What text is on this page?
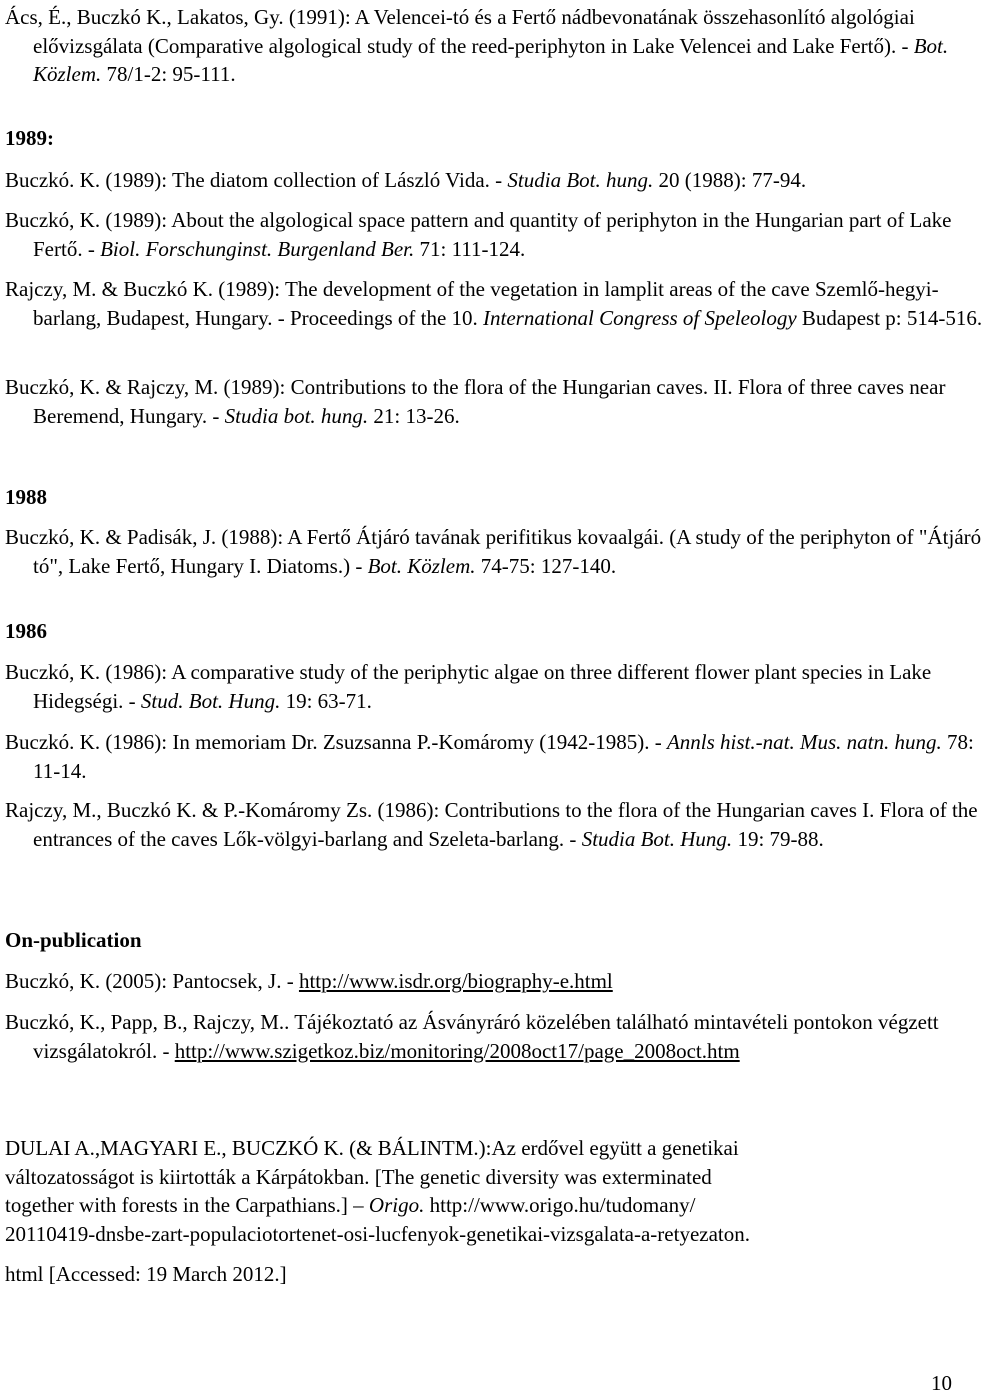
Ács, É., Buczkó K., Lakatos, Gy. (1991): A Velencei-tó és a Fertő nádbevonatának összehasonlító algológiai elővizsgálata (Comparative algological study of the reed-periphyton in Lake Velencei and Lake Fertő). - Bot. Közlem. 78/1-2: 95-111.
1989:
Buczkó. K. (1989): The diatom collection of László Vida. - Studia Bot. hung. 20 (1988): 77-94.
Buczkó, K. (1989): About the algological space pattern and quantity of periphyton in the Hungarian part of Lake Fertő. - Biol. Forschunginst. Burgenland Ber. 71: 111-124.
Rajczy, M. & Buczkó K. (1989): The development of the vegetation in lamplit areas of the cave Szemlő-hegyi-barlang, Budapest, Hungary. - Proceedings of the 10. International Congress of Speleology Budapest p: 514-516.
Buczkó, K. & Rajczy, M. (1989): Contributions to the flora of the Hungarian caves. II. Flora of three caves near Beremend, Hungary. - Studia bot. hung. 21: 13-26.
1988
Buczkó, K. & Padisák, J. (1988): A Fertő Átjáró tavának perifitikus kovaalgái. (A study of the periphyton of "Átjáró tó", Lake Fertő, Hungary I. Diatoms.) - Bot. Közlem. 74-75: 127-140.
1986
Buczkó, K. (1986): A comparative study of the periphytic algae on three different flower plant species in Lake Hidegségi. - Stud. Bot. Hung. 19: 63-71.
Buczkó. K. (1986): In memoriam Dr. Zsuzsanna P.-Komáromy (1942-1985). - Annls hist.-nat. Mus. natn. hung. 78: 11-14.
Rajczy, M., Buczkó K. & P.-Komáromy Zs. (1986): Contributions to the flora of the Hungarian caves I. Flora of the entrances of the caves Lők-völgyi-barlang and Szeleta-barlang. - Studia Bot. Hung. 19: 79-88.
On-publication
Buczkó, K. (2005): Pantocsek, J. - http://www.isdr.org/biography-e.html
Buczkó, K., Papp, B., Rajczy, M.. Tájékoztató az Ásványráró közelében található mintavételi pontokon végzett vizsgálatokról. - http://www.szigetkoz.biz/monitoring/2008oct17/page_2008oct.htm
DULAI A.,MAGYARI E., BUCZKÓ K. (& BÁLINTM.):Az erdővel együtt a genetikai
változatosságot is kiirtották a Kárpátokban. [The genetic diversity was exterminated
together with forests in the Carpathians.] – Origo. http://www.origo.hu/tudomany/
20110419-dnsbe-zart-populaciotortenet-osi-lucfenyok-genetikai-vizsgalata-a-retyezaton.
html [Accessed: 19 March 2012.]
10
